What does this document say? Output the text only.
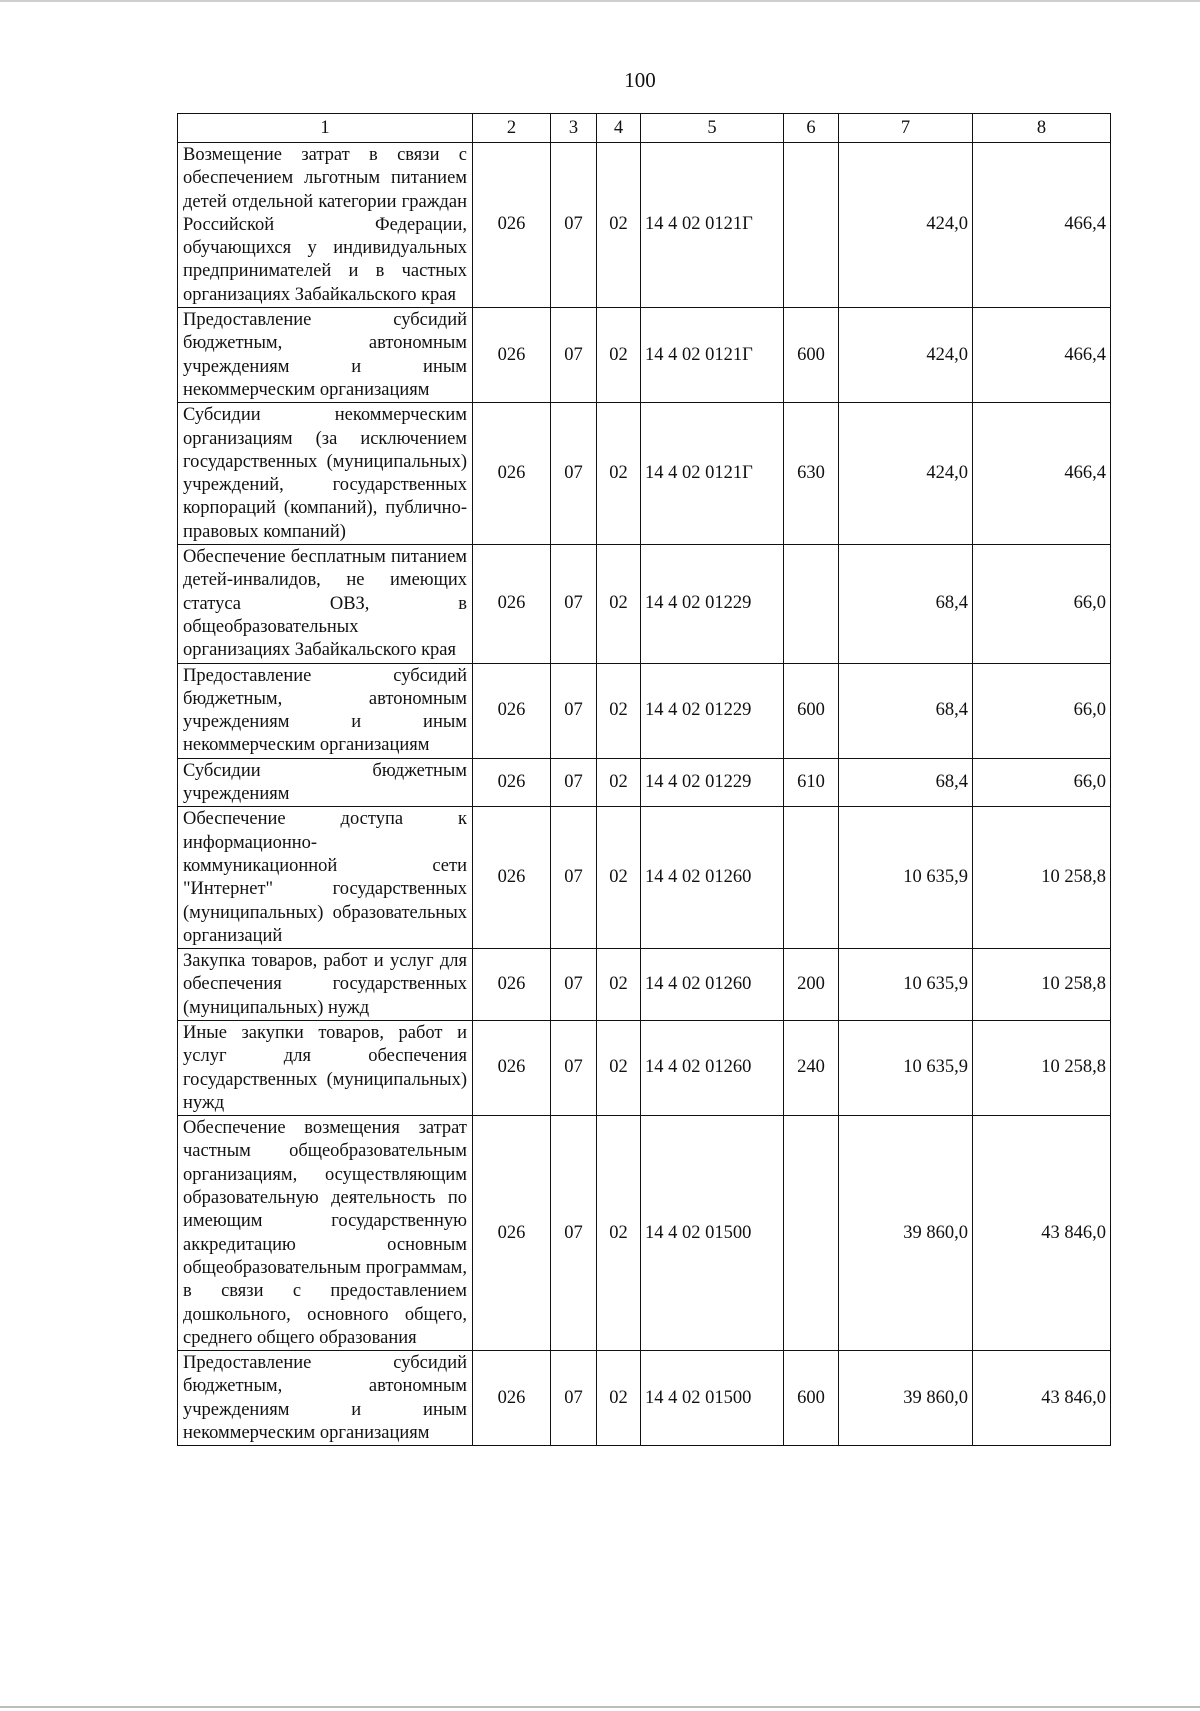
100
1	2	3	4	5	6	7	8
Возмещение затрат в связи с обеспечением льготным питанием детей отдельной категории граждан Российской Федерации, обучающихся у индивидуальных предпринимателей и в частных организациях Забайкальского края	026	07	02	14 4 02 0121Г		424,0	466,4
Предоставление субсидий бюджетным, автономным учреждениям и иным некоммерческим организациям	026	07	02	14 4 02 0121Г	600	424,0	466,4
Субсидии некоммерческим организациям (за исключением государственных (муниципальных) учреждений, государственных корпораций (компаний), публично-правовых компаний)	026	07	02	14 4 02 0121Г	630	424,0	466,4
Обеспечение бесплатным питанием детей-инвалидов, не имеющих статуса ОВЗ, в общеобразовательных организациях Забайкальского края	026	07	02	14 4 02 01229		68,4	66,0
Предоставление субсидий бюджетным, автономным учреждениям и иным некоммерческим организациям	026	07	02	14 4 02 01229	600	68,4	66,0
Субсидии бюджетным учреждениям	026	07	02	14 4 02 01229	610	68,4	66,0
Обеспечение доступа к информационно-коммуникационной сети "Интернет" государственных (муниципальных) образовательных организаций	026	07	02	14 4 02 01260		10 635,9	10 258,8
Закупка товаров, работ и услуг для обеспечения государственных (муниципальных) нужд	026	07	02	14 4 02 01260	200	10 635,9	10 258,8
Иные закупки товаров, работ и услуг для обеспечения государственных (муниципальных) нужд	026	07	02	14 4 02 01260	240	10 635,9	10 258,8
Обеспечение возмещения затрат частным общеобразовательным организациям, осуществляющим образовательную деятельность по имеющим государственную аккредитацию основным общеобразовательным программам, в связи с предоставлением дошкольного, основного общего, среднего общего образования	026	07	02	14 4 02 01500		39 860,0	43 846,0
Предоставление субсидий бюджетным, автономным учреждениям и иным некоммерческим организациям	026	07	02	14 4 02 01500	600	39 860,0	43 846,0
